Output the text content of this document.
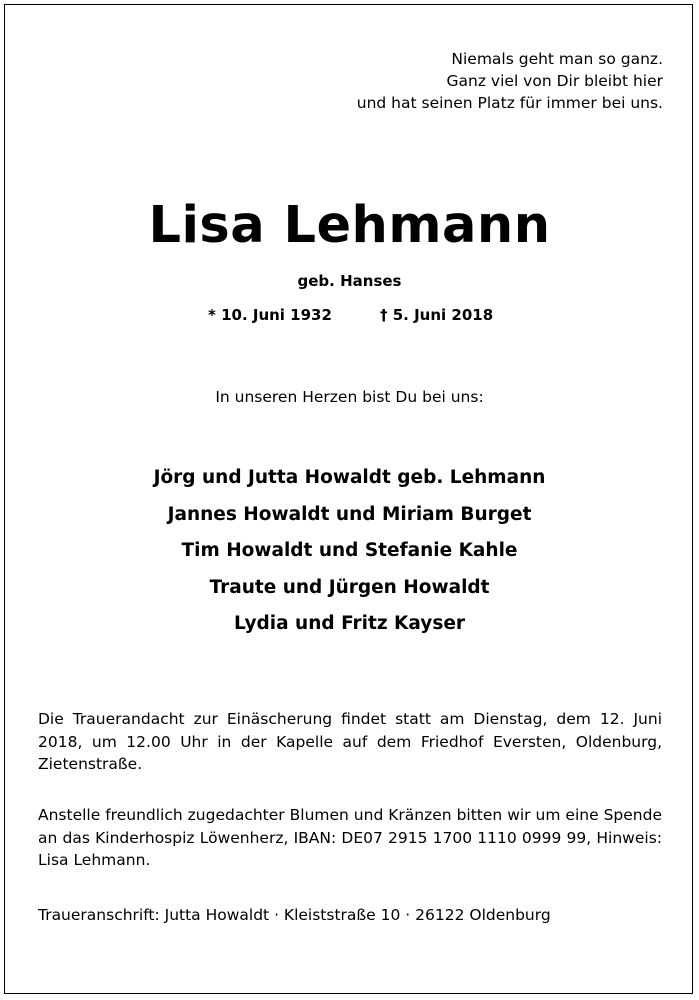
Niemals geht man so ganz.
Ganz viel von Dir bleibt hier
und hat seinen Platz für immer bei uns.
Lisa Lehmann
geb. Hanses
* 10. Juni 1932	† 5. Juni 2018
In unseren Herzen bist Du bei uns:
Jörg und Jutta Howaldt geb. Lehmann
Jannes Howaldt und Miriam Burget
Tim Howaldt und Stefanie Kahle
Traute und Jürgen Howaldt
Lydia und Fritz Kayser
Die Trauerandacht zur Einäscherung findet statt am Dienstag, dem 12. Juni 2018, um 12.00 Uhr in der Kapelle auf dem Friedhof Eversten, Oldenburg, Zietenstraße.
Anstelle freundlich zugedachter Blumen und Kränzen bitten wir um eine Spende an das Kinderhospiz Löwenherz, IBAN: DE07 2915 1700 1110 0999 99, Hinweis: Lisa Lehmann.
Traueranschrift: Jutta Howaldt · Kleiststraße 10 · 26122 Oldenburg
